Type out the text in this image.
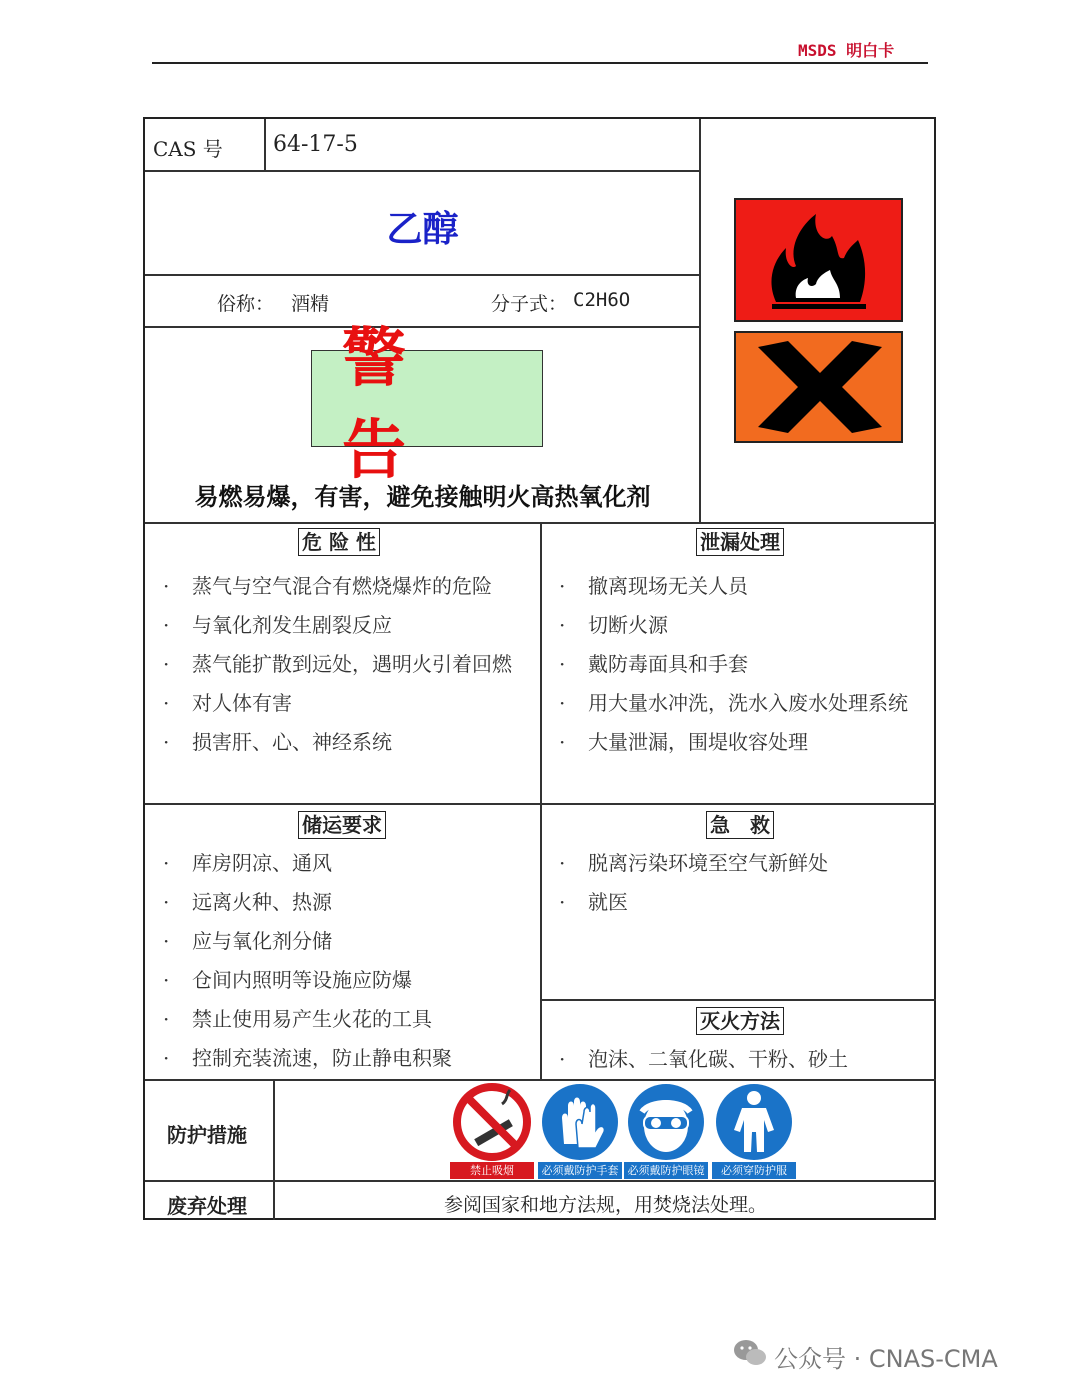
MSDS 明白卡
CAS 号 64-17-5
乙醇
俗称： 酒精	分子式： C2H6O
警 告
易燃易爆，有害，避免接触明火高热氧化剂
危 险 性
· 蒸气与空气混合有燃烧爆炸的危险
· 与氧化剂发生剧裂反应
· 蒸气能扩散到远处，遇明火引着回燃
· 对人体有害
· 损害肝、心、神经系统
泄漏处理
· 撤离现场无关人员
· 切断火源
· 戴防毒面具和手套
· 用大量水冲洗，洗水入废水处理系统
· 大量泄漏，围堤收容处理
储运要求
· 库房阴凉、通风
· 远离火种、热源
· 应与氧化剂分储
· 仓间内照明等设施应防爆
· 禁止使用易产生火花的工具
· 控制充装流速，防止静电积聚
急　救
· 脱离污染环境至空气新鲜处
· 就医
灭火方法
· 泡沫、二氧化碳、干粉、砂土
防护措施
禁止吸烟	必须戴防护手套 必须戴防护眼镜	必须穿防护服
废弃处理	参阅国家和地方法规，用焚烧法处理。
公众号 · CNAS-CMA
